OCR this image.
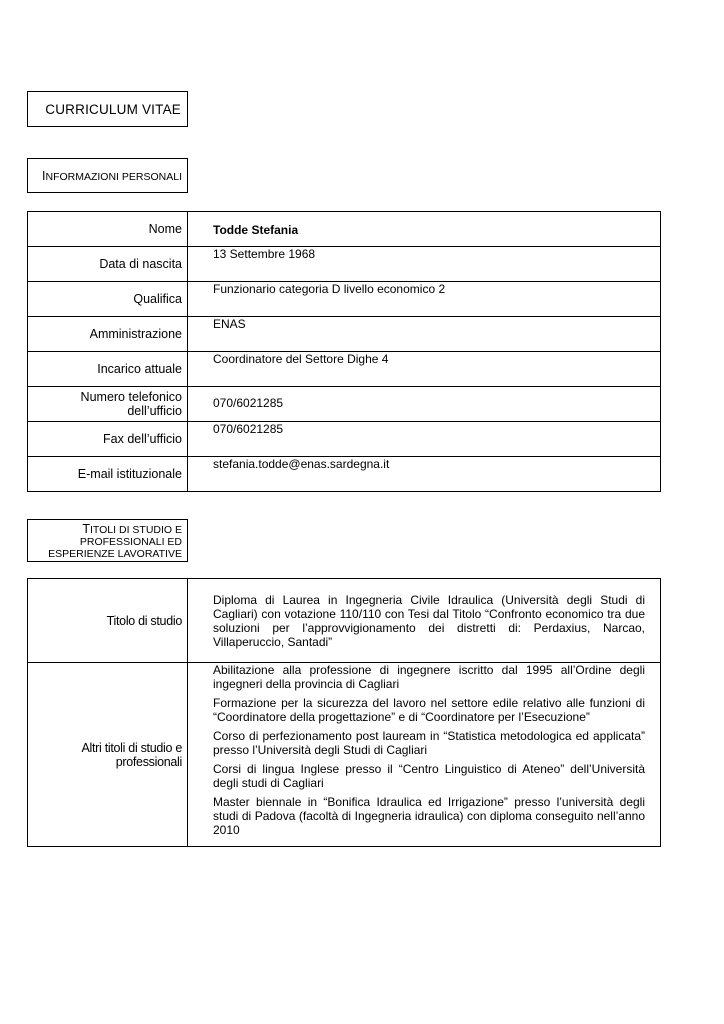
CURRICULUM VITAE
INFORMAZIONI PERSONALI
Nome	Todde Stefania
Data di nascita	13 Settembre 1968
Qualifica	Funzionario categoria D livello economico 2
Amministrazione	ENAS
Incarico attuale	Coordinatore del Settore Dighe 4
Numero telefonico dell’ufficio	070/6021285
Fax dell’ufficio	070/6021285
E-mail istituzionale	stefania.todde@enas.sardegna.it
TITOLI DI STUDIO E
PROFESSIONALI ED
ESPERIENZE LAVORATIVE
Titolo di studio	Diploma di Laurea in Ingegneria Civile Idraulica (Università degli Studi di Cagliari) con votazione 110/110 con Tesi dal Titolo “Confronto economico tra due soluzioni per l’approvvigionamento dei distretti di: Perdaxius, Narcao, Villaperuccio, Santadi”
Altri titoli di studio e professionali	Abilitazione alla professione di ingegnere iscritto dal 1995 all’Ordine degli ingegneri della provincia di Cagliari

Formazione per la sicurezza del lavoro nel settore edile relativo alle funzioni di “Coordinatore della progettazione” e di “Coordinatore per l’Esecuzione”

Corso di perfezionamento post lauream in “Statistica metodologica ed applicata” presso l’Università degli Studi di Cagliari

Corsi di lingua Inglese presso il “Centro Linguistico di Ateneo” dell’Università degli studi di Cagliari

Master biennale in “Bonifica Idraulica ed Irrigazione” presso l’università degli studi di Padova (facoltà di Ingegneria idraulica) con diploma conseguito nell’anno 2010
